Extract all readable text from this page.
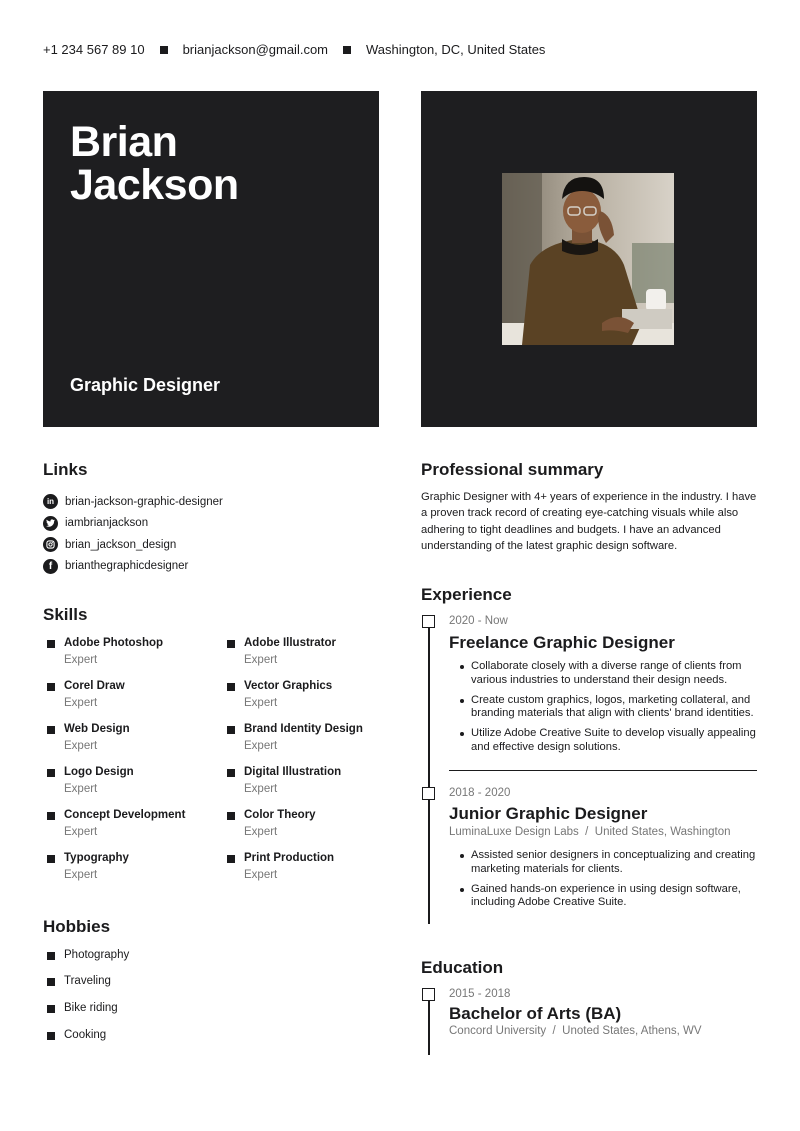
+1 234 567 89 10	brianjackson@gmail.com	Washington, DC, United States
Brian
Jackson
Graphic Designer
Links
in brian-jackson-graphic-designer
iambrianjackson
brian_jackson_design
f brianthegraphicdesigner
Skills
Adobe Photoshop
Expert
Adobe Illustrator
Expert
Corel Draw
Expert
Vector Graphics
Expert
Web Design
Expert
Brand Identity Design
Expert
Logo Design
Expert
Digital Illustration
Expert
Concept Development
Expert
Color Theory
Expert
Typography
Expert
Print Production
Expert
Hobbies
Photography
Traveling
Bike riding
Cooking
Professional summary

Graphic Designer with 4+ years of experience in the industry. I have a proven track record of creating eye-catching visuals while also adhering to tight deadlines and budgets. I have an advanced understanding of the latest graphic design software.

Experience
2020 - Now
Freelance Graphic Designer
Collaborate closely with a diverse range of clients from various industries to understand their design needs.
Create custom graphics, logos, marketing collateral, and branding materials that align with clients' brand identities.
Utilize Adobe Creative Suite to develop visually appealing and effective design solutions.
2018 - 2020
Junior Graphic Designer
LuminaLuxe Design Labs  /  United States, Washington
Assisted senior designers in conceptualizing and creating marketing materials for clients.
Gained hands-on experience in using design software, including Adobe Creative Suite.
Education
2015 - 2018
Bachelor of Arts (BA)
Concord University  /  Unoted States, Athens, WV
